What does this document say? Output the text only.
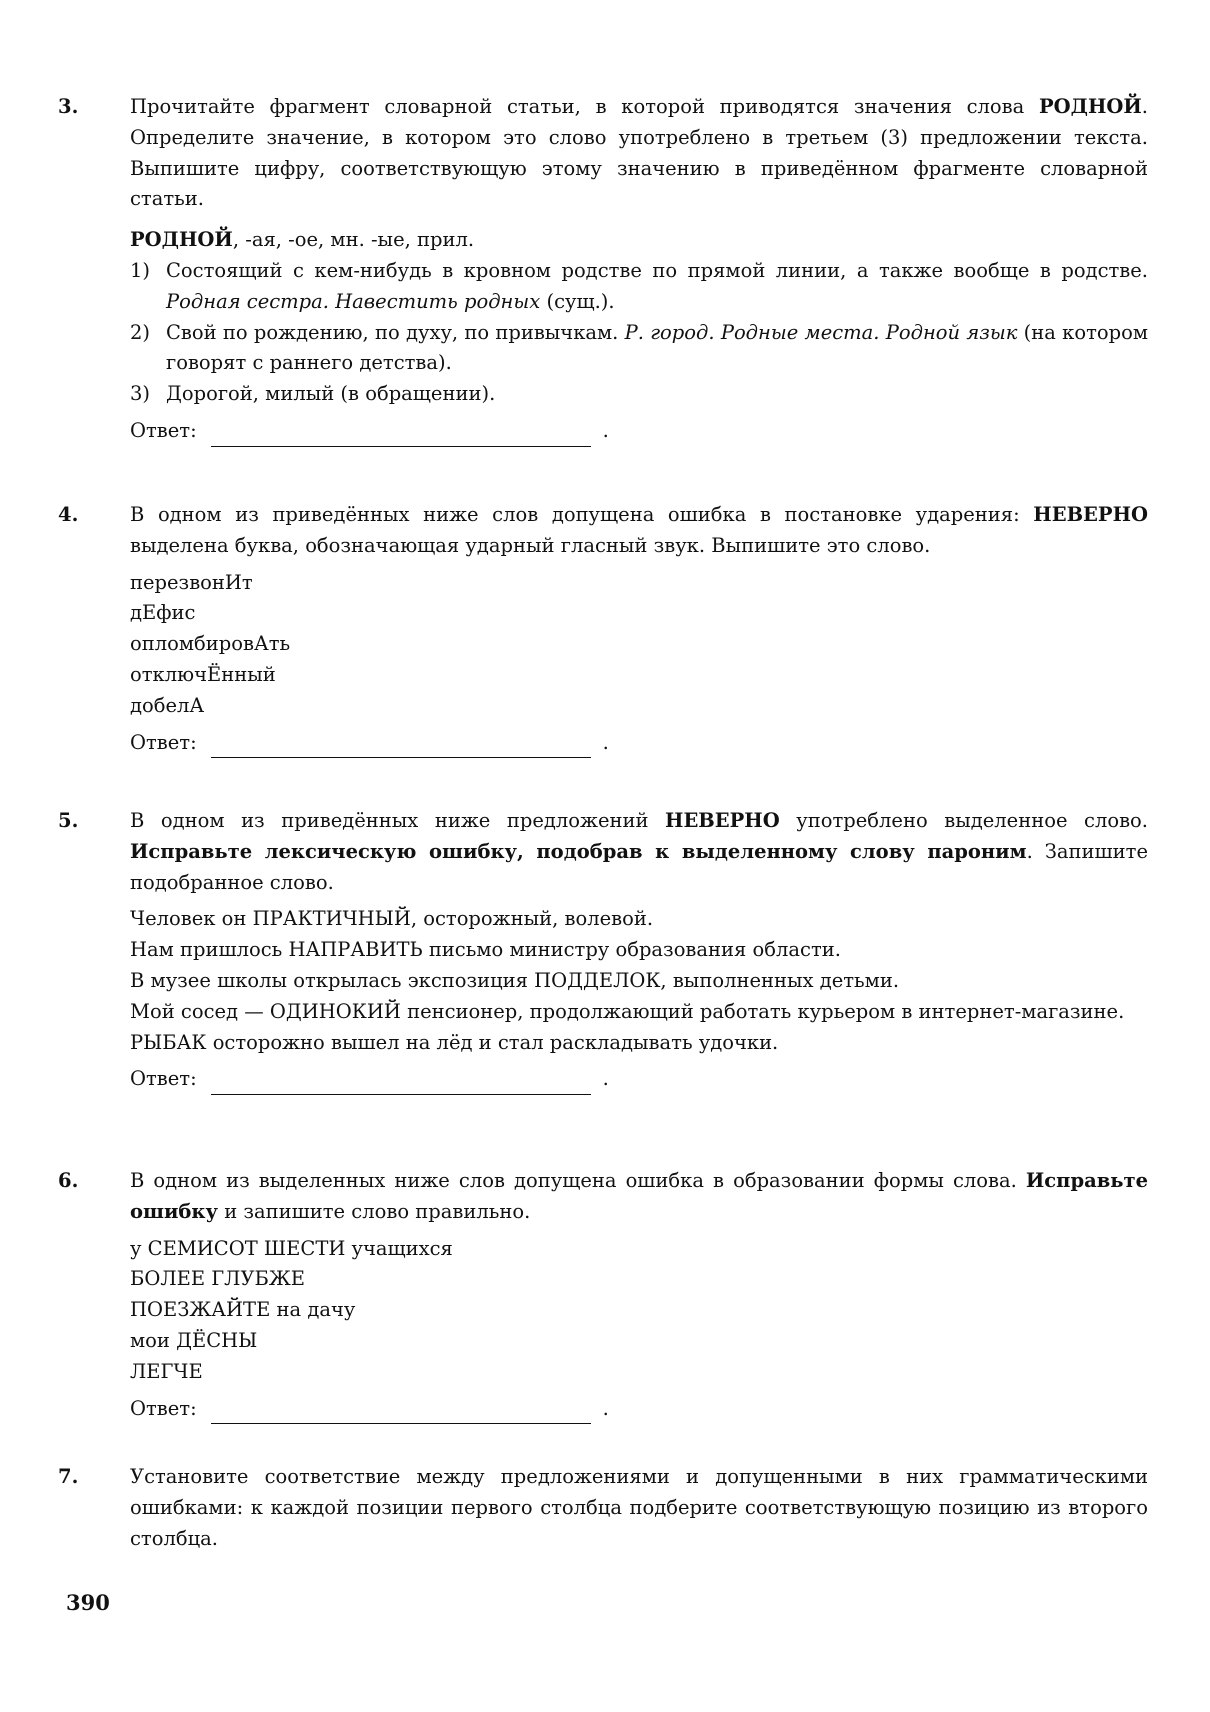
3.	Прочитайте фрагмент словарной статьи, в которой приводятся значения слова РОДНОЙ. Определите значение, в котором это слово употреблено в третьем (3) предложении текста. Выпишите цифру, соответствующую этому значению в приведённом фрагменте словарной статьи.

РОДНОЙ, -ая, -ое, мн. -ые, прил.

1) Состоящий с кем-нибудь в кровном родстве по прямой линии, а также вообще в родстве. Родная сестра. Навестить родных (сущ.).
2) Свой по рождению, по духу, по привычкам. Р. город. Родные места. Родной язык (на котором говорят с раннего детства).
3) Дорогой, милый (в обращении).
Ответ:	.
4.	В одном из приведённых ниже слов допущена ошибка в постановке ударения: НЕВЕРНО выделена буква, обозначающая ударный гласный звук. Выпишите это слово.

перезвонИт
дЕфис
опломбировАть
отключЁнный
добелА
Ответ:	.
5.	В одном из приведённых ниже предложений НЕВЕРНО употреблено выделенное слово. Исправьте лексическую ошибку, подобрав к выделенному слову пароним. Запишите подобранное слово.

Человек он ПРАКТИЧНЫЙ, осторожный, волевой.
Нам пришлось НАПРАВИТЬ письмо министру образования области.
В музее школы открылась экспозиция ПОДДЕЛОК, выполненных детьми.
Мой сосед — ОДИНОКИЙ пенсионер, продолжающий работать курьером в интернет-магазине.
РЫБАК осторожно вышел на лёд и стал раскладывать удочки.
Ответ:	.
6.	В одном из выделенных ниже слов допущена ошибка в образовании формы слова. Исправьте ошибку и запишите слово правильно.

у СЕМИСОТ ШЕСТИ учащихся
БОЛЕЕ ГЛУБЖЕ
ПОЕЗЖАЙТЕ на дачу
мои ДЁСНЫ
ЛЕГЧЕ
Ответ:	.
7.	Установите соответствие между предложениями и допущенными в них грамматическими ошибками: к каждой позиции первого столбца подберите соответствующую позицию из второго столбца.

390
